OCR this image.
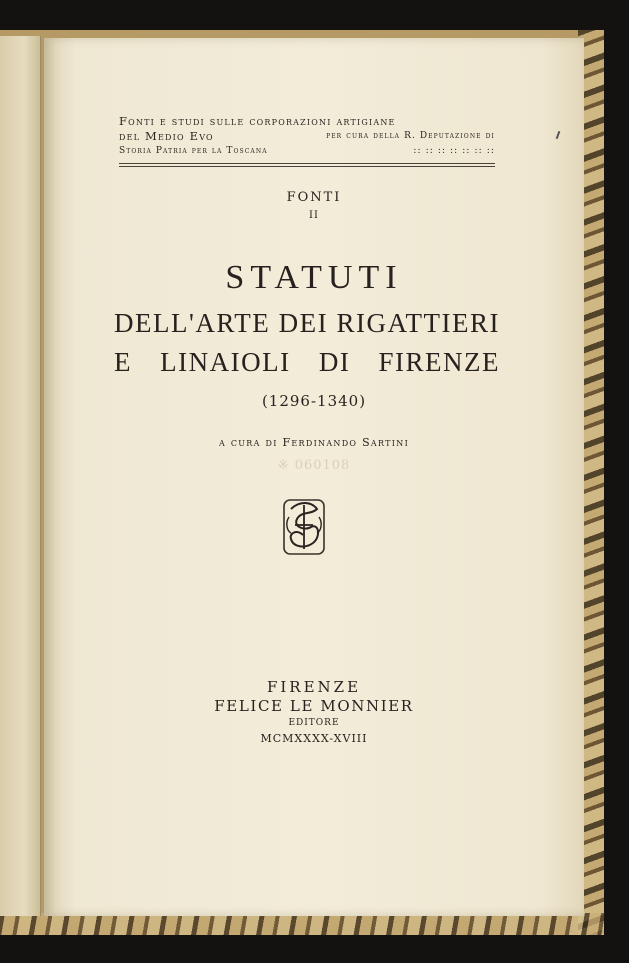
Fonti e studi sulle corporazioni artigiane
del Medio Evo	per cura della R. Deputazione di
Storia Patria per la Toscana	:: :: :: :: :: :: ::
FONTI
II
STATUTI
DELL'ARTE DEI RIGATTIERI
E LINAIOLI DI FIRENZE
(1296-1340)
a cura di Ferdinando Sartini
※ 060108
FIRENZE
FELICE LE MONNIER
EDITORE
MCMXXXX-XVIII
